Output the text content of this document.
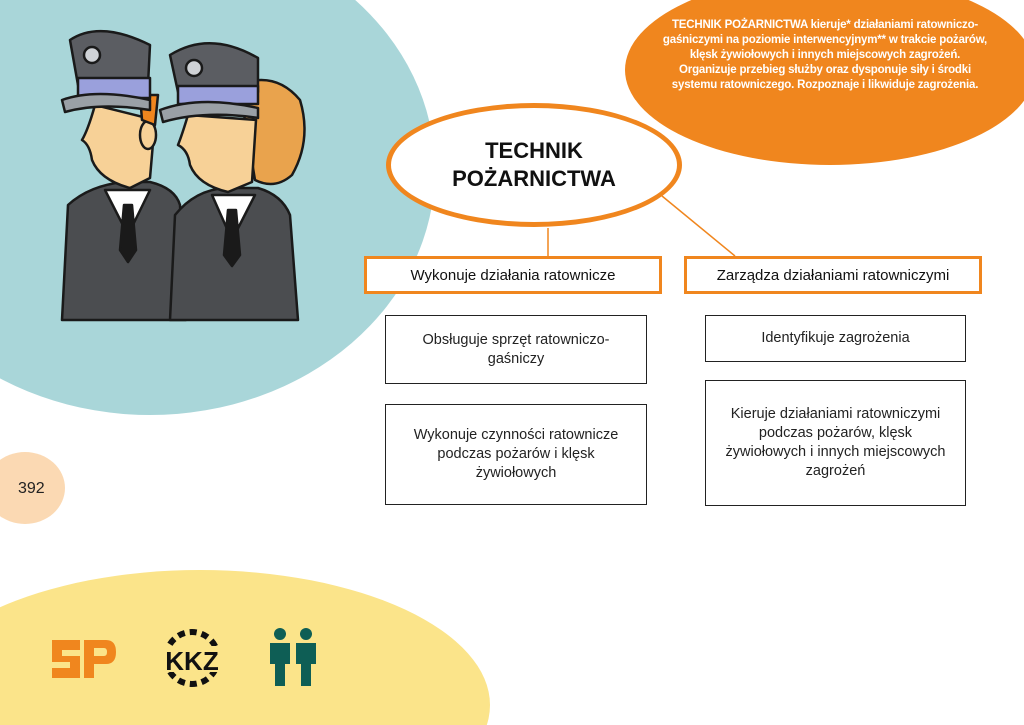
KKZ
TECHNIK POŻARNICTWA kieruje* działaniami ratowniczo-gaśniczymi na poziomie interwencyjnym** w trakcie pożarów, klęsk żywiołowych i innych miejscowych zagrożeń. Organizuje przebieg służby oraz dysponuje siły i środki systemu ratowniczego. Rozpoznaje i likwiduje zagrożenia.
TECHNIK POŻARNICTWA
Wykonuje działania ratownicze	Zarządza działaniami ratowniczymi
Obsługuje sprzęt ratowniczo-gaśniczy
Wykonuje czynności ratownicze podczas pożarów i klęsk żywiołowych
Identyfikuje zagrożenia
Kieruje działaniami ratowniczymi podczas pożarów, klęsk żywiołowych i innych miejscowych zagrożeń
392
